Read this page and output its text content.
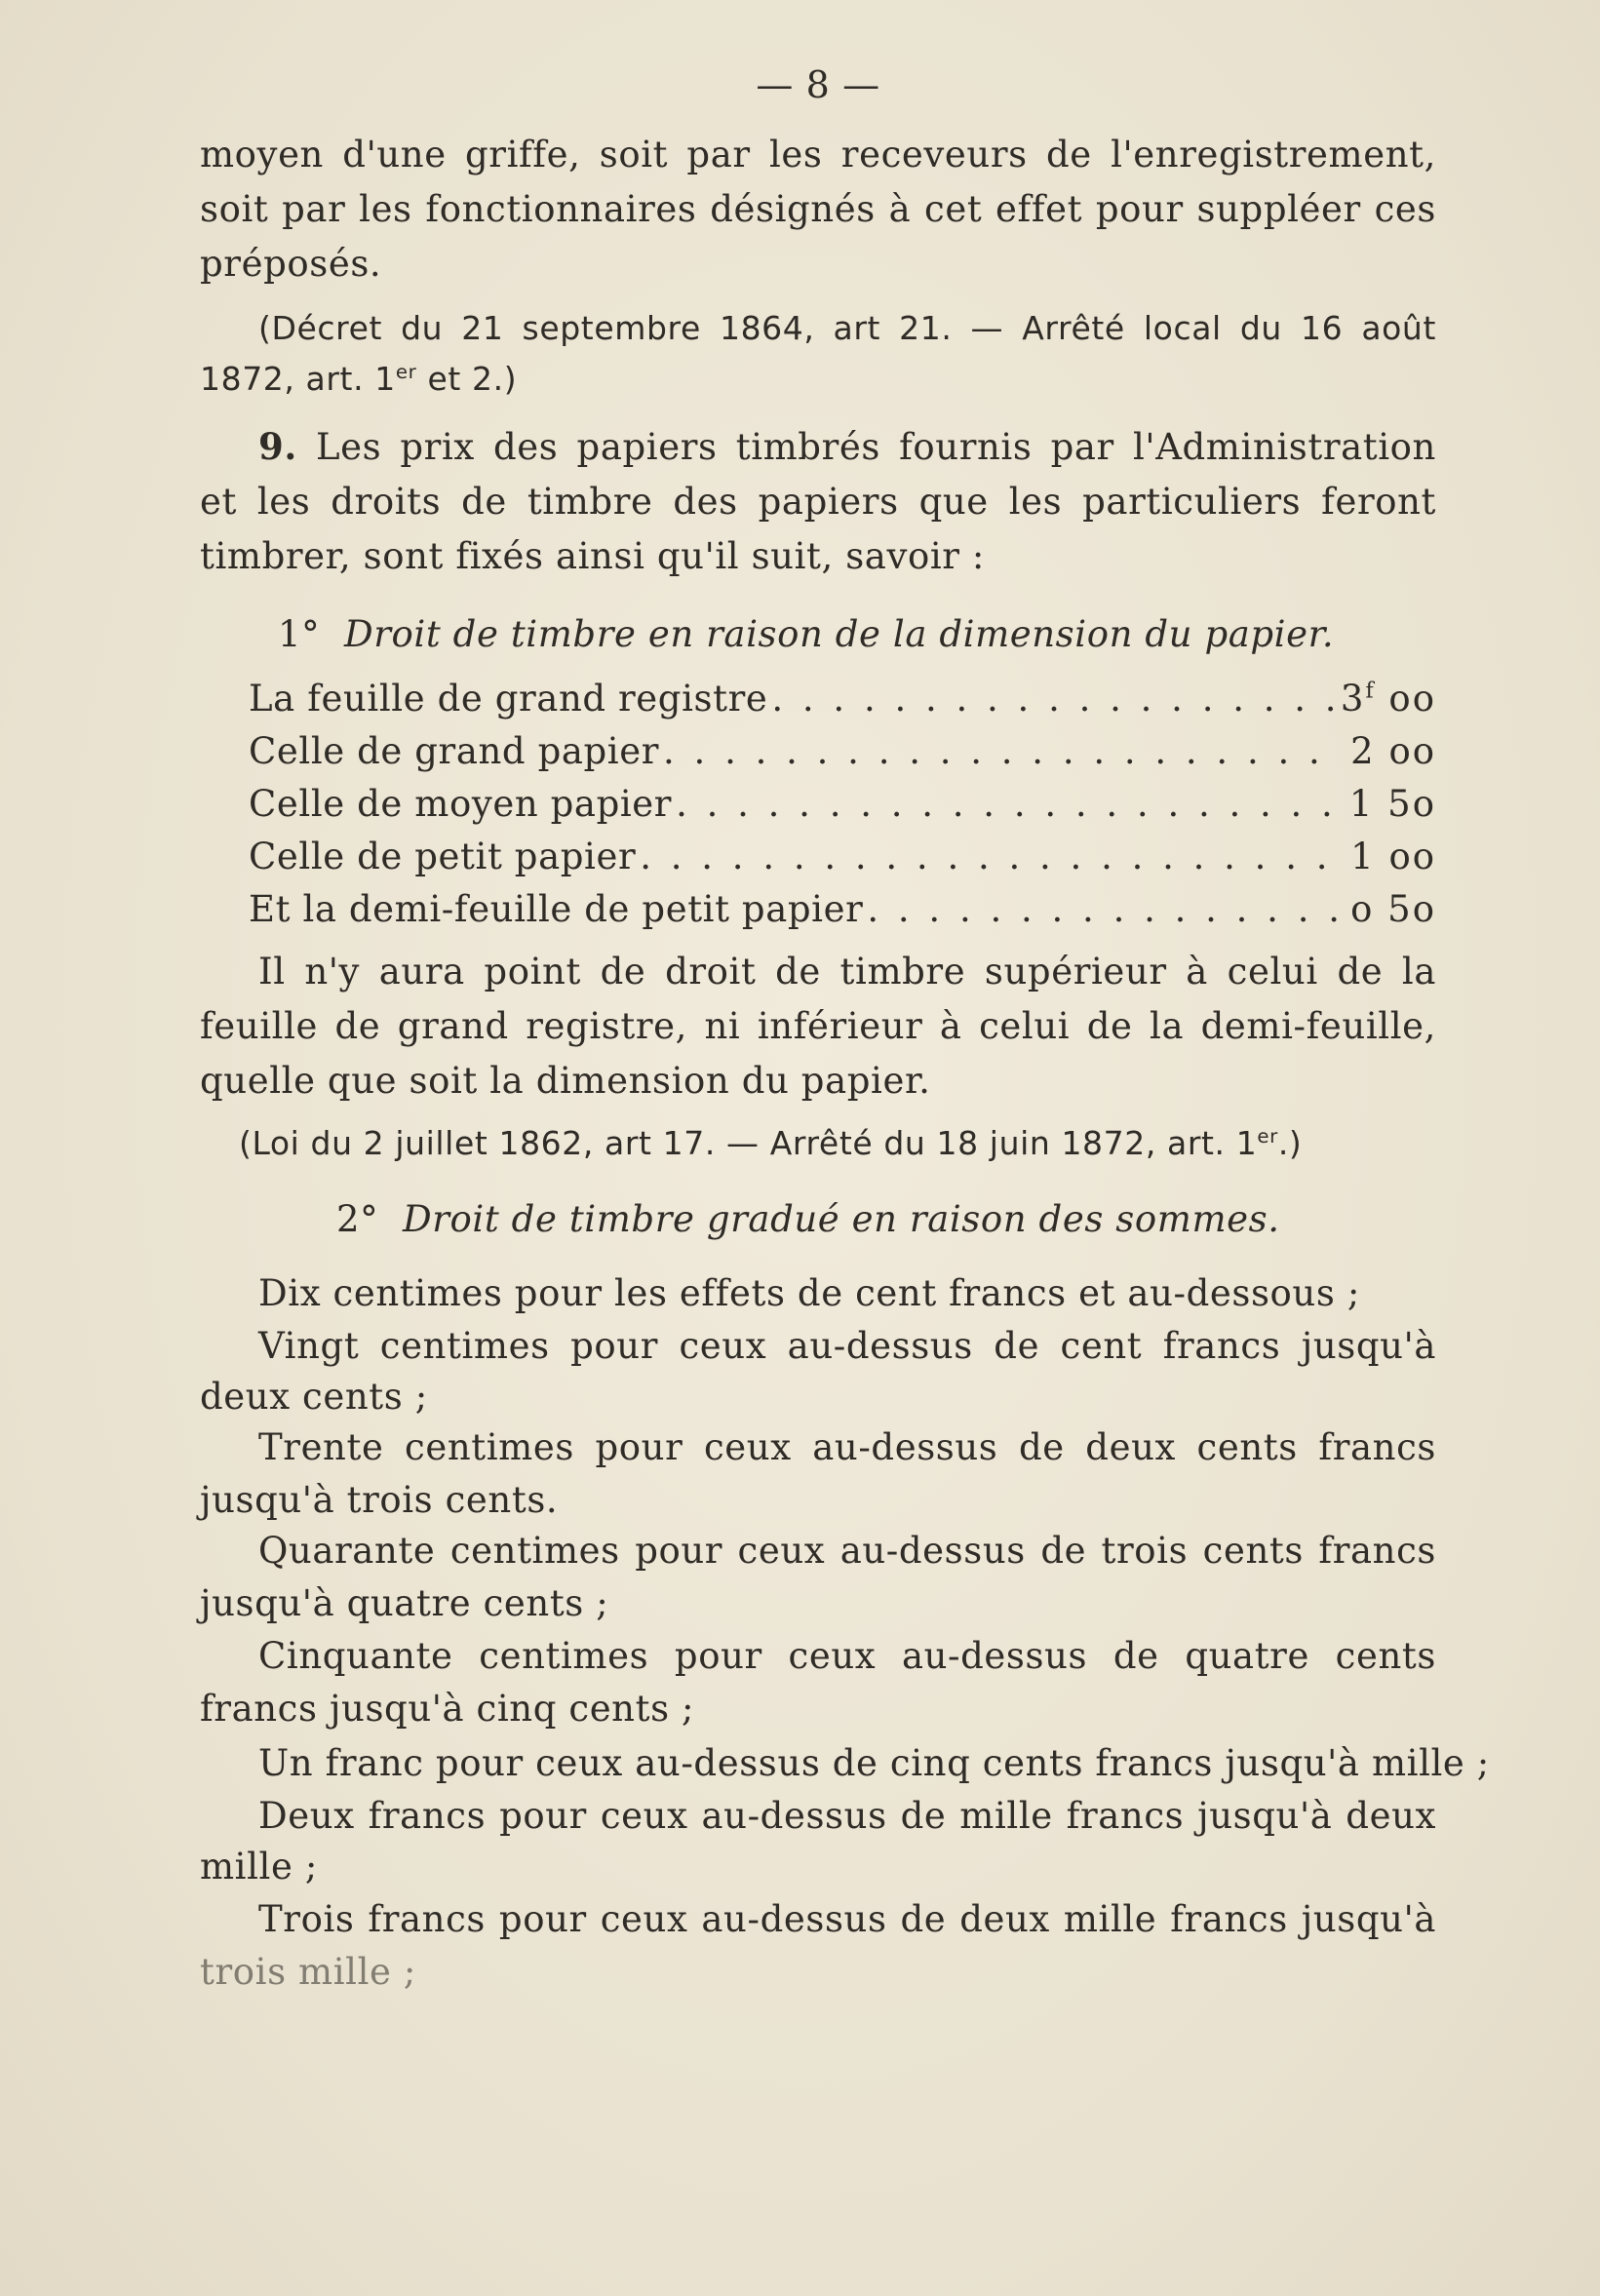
— 8 —
moyen d'une griffe, soit par les receveurs de l'enregistrement,
soit par les fonctionnaires désignés à cet effet pour suppléer ces
préposés.
(Décret du 21 septembre 1864, art 21. — Arrêté local du 16 août
1872, art. 1er et 2.)
9. Les prix des papiers timbrés fournis par l'Administration
et les droits de timbre des papiers que les particuliers feront
timbrer, sont fixés ainsi qu'il suit, savoir :
1° Droit de timbre en raison de la dimension du papier.
La feuille de grand registre . . .	3$^f$ oo
Celle de grand papier . . .	2 oo
Celle de moyen papier . . .	1 5o
Celle de petit papier . . .	1 oo
Et la demi-feuille de petit papier . . .	o 5o
Il n'y aura point de droit de timbre supérieur à celui de la
feuille de grand registre, ni inférieur à celui de la demi-feuille,
quelle que soit la dimension du papier.
(Loi du 2 juillet 1862, art 17. — Arrêté du 18 juin 1872, art. 1er.)
2° Droit de timbre gradué en raison des sommes.
Dix centimes pour les effets de cent francs et au-dessous ;
Vingt centimes pour ceux au-dessus de cent francs jusqu'à
deux cents ;
Trente centimes pour ceux au-dessus de deux cents francs
jusqu'à trois cents.
Quarante centimes pour ceux au-dessus de trois cents francs
jusqu'à quatre cents ;
Cinquante centimes pour ceux au-dessus de quatre cents
francs jusqu'à cinq cents ;
Un franc pour ceux au-dessus de cinq cents francs jusqu'à mille ;
Deux francs pour ceux au-dessus de mille francs jusqu'à deux
mille ;
Trois francs pour ceux au-dessus de deux mille francs jusqu'à
trois mille ;
